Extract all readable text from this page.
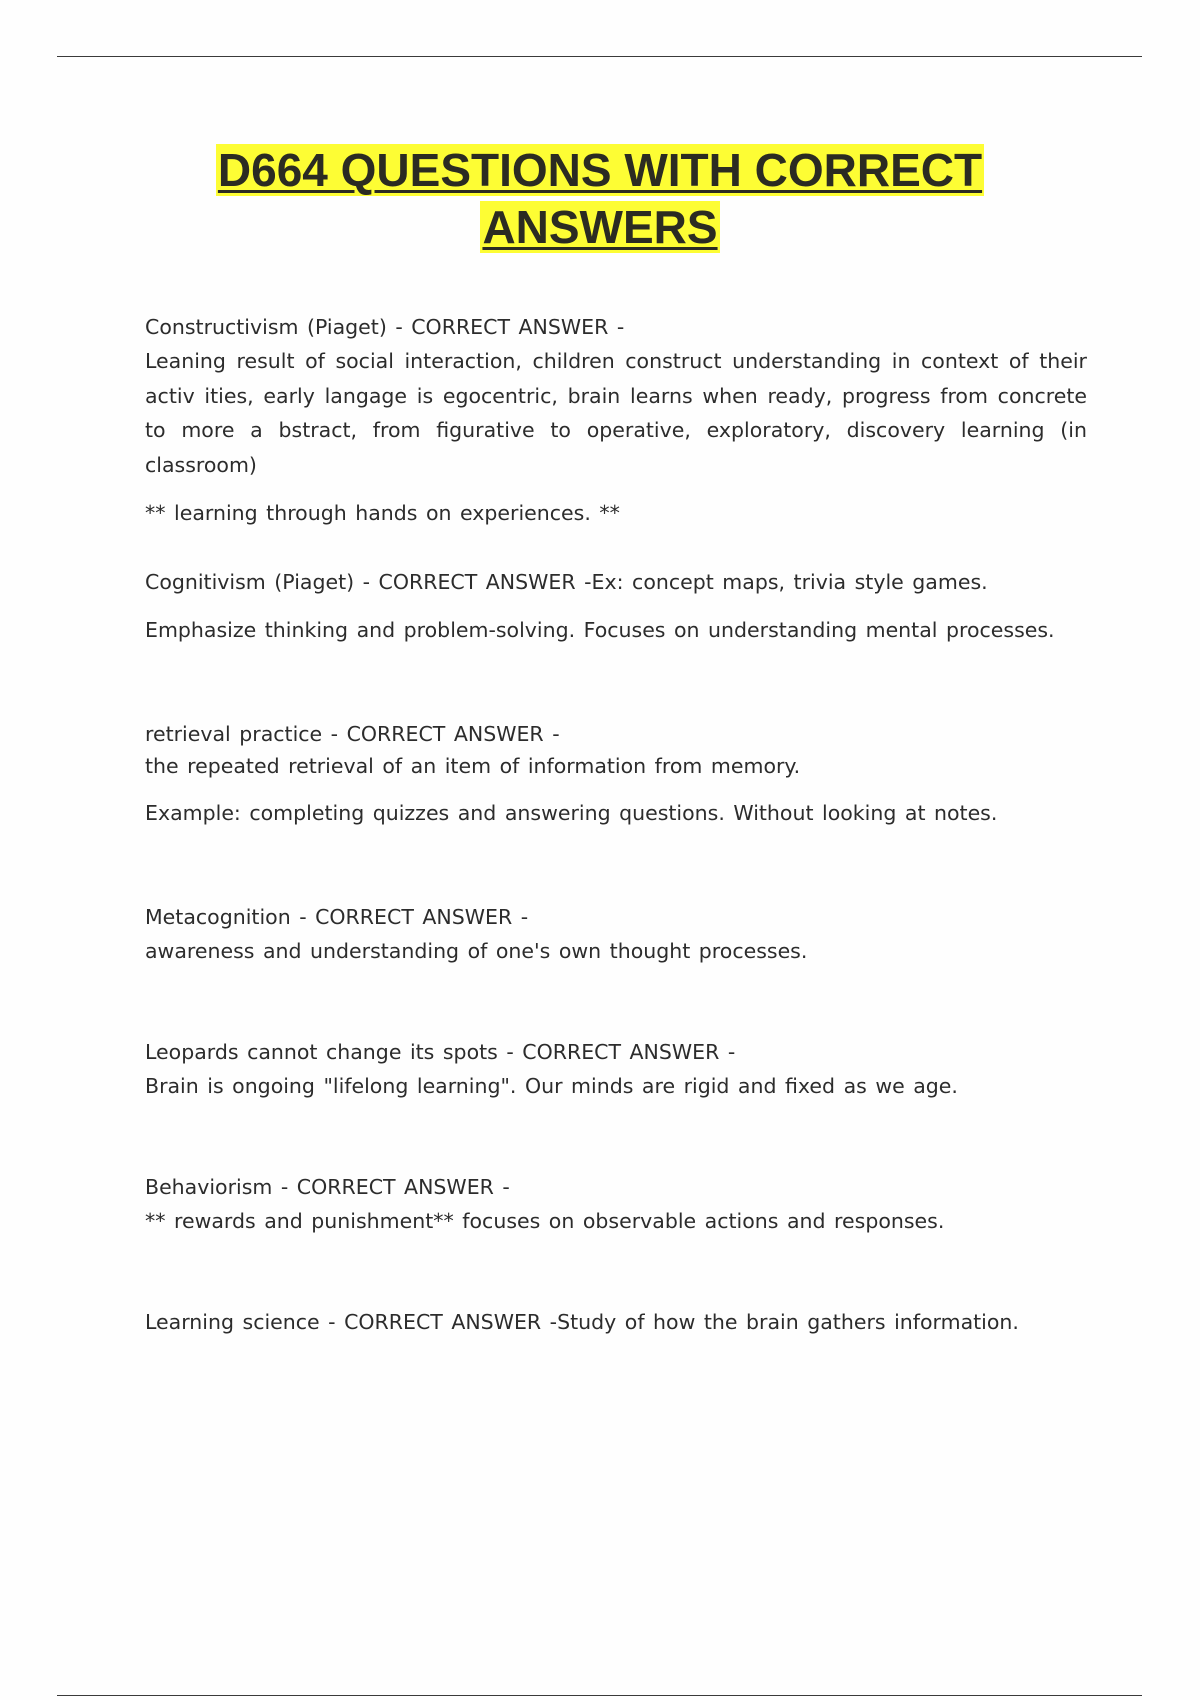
D664 QUESTIONS WITH CORRECT
ANSWERS

Constructivism (Piaget) - CORRECT ANSWER -

Leaning result of social interaction, children construct understanding in context of their activ ities, early langage is egocentric, brain learns when ready, progress from concrete to more a bstract, from figurative to operative, exploratory, discovery learning (in classroom)

** learning through hands on experiences. **

Cognitivism (Piaget) - CORRECT ANSWER -Ex: concept maps, trivia style games.

Emphasize thinking and problem-solving. Focuses on understanding mental processes.

retrieval practice - CORRECT ANSWER -

the repeated retrieval of an item of information from memory.

Example: completing quizzes and answering questions. Without looking at notes.

Metacognition - CORRECT ANSWER -

awareness and understanding of one's own thought processes.

Leopards cannot change its spots - CORRECT ANSWER -

Brain is ongoing "lifelong learning". Our minds are rigid and fixed as we age.

Behaviorism - CORRECT ANSWER -

** rewards and punishment** focuses on observable actions and responses.

Learning science - CORRECT ANSWER -Study of how the brain gathers information.
